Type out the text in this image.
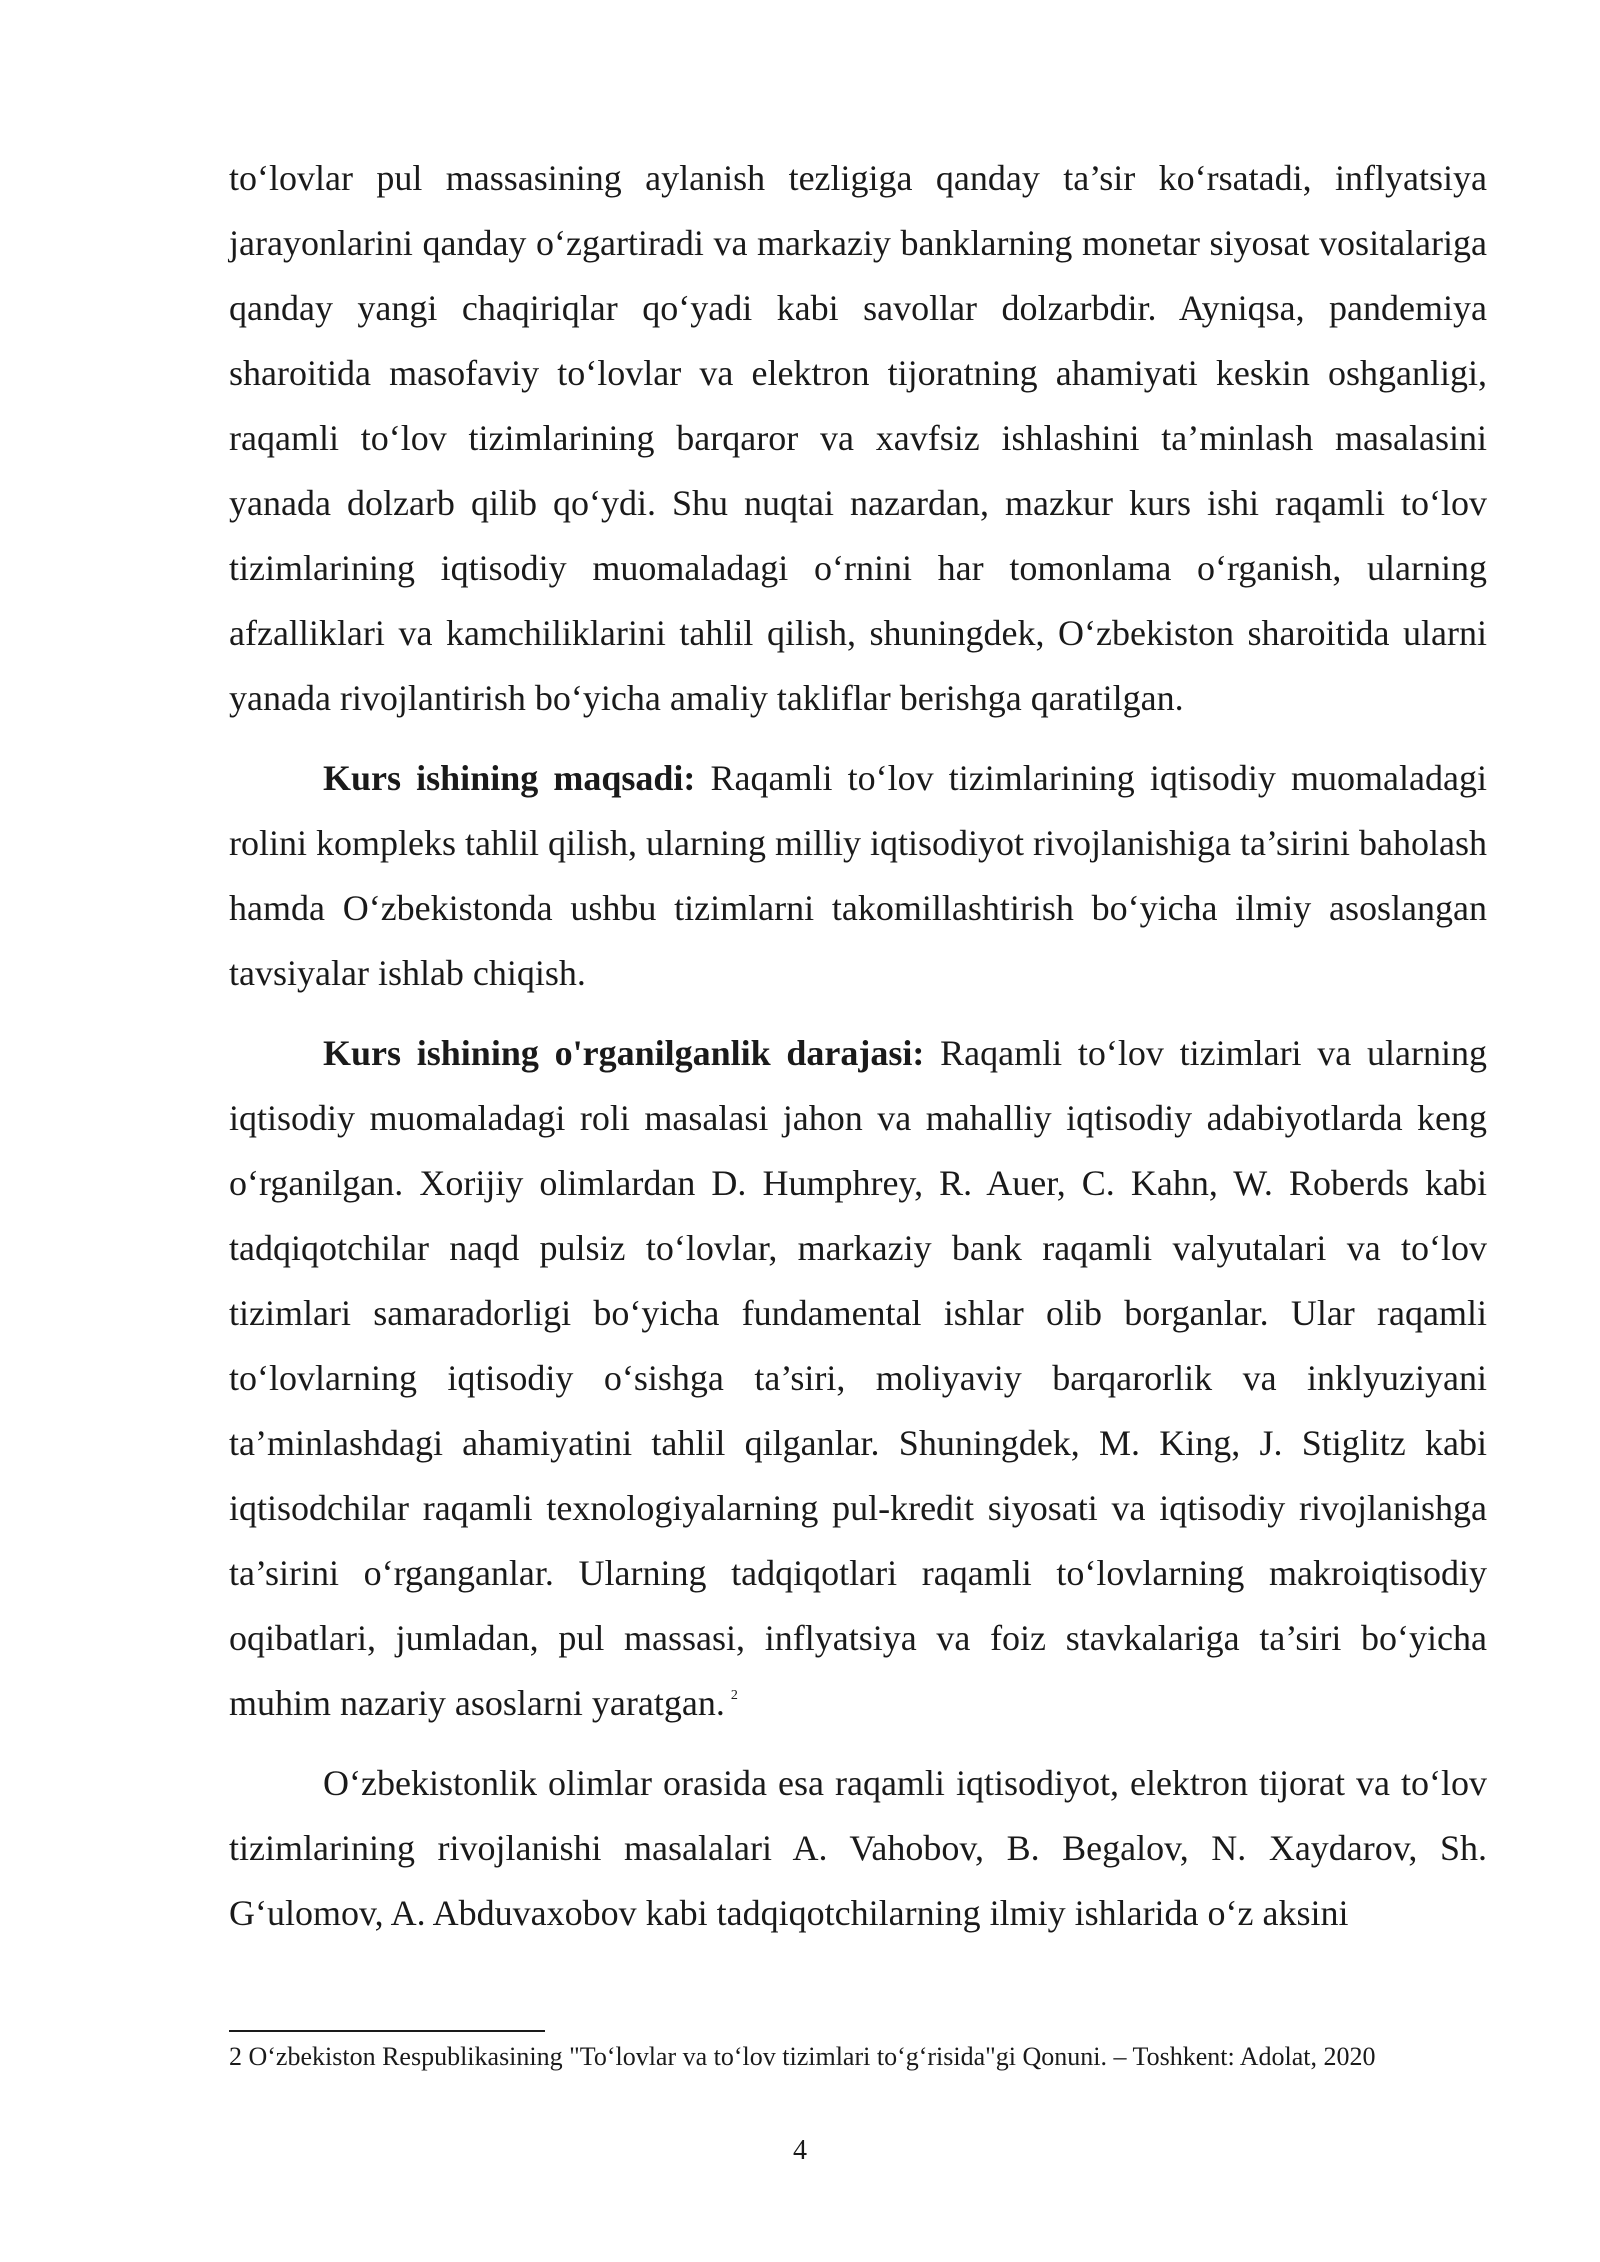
to‘lovlar pul massasining aylanish tezligiga qanday ta’sir ko‘rsatadi, inflyatsiya jarayonlarini qanday o‘zgartiradi va markaziy banklarning monetar siyosat vositalariga qanday yangi chaqiriqlar qo‘yadi kabi savollar dolzarbdir. Ayniqsa, pandemiya sharoitida masofaviy to‘lovlar va elektron tijoratning ahamiyati keskin oshganligi, raqamli to‘lov tizimlarining barqaror va xavfsiz ishlashini ta’minlash masalasini yanada dolzarb qilib qo‘ydi. Shu nuqtai nazardan, mazkur kurs ishi raqamli to‘lov tizimlarining iqtisodiy muomaladagi o‘rnini har tomonlama o‘rganish, ularning afzalliklari va kamchiliklarini tahlil qilish, shuningdek, O‘zbekiston sharoitida ularni yanada rivojlantirish bo‘yicha amaliy takliflar berishga qaratilgan.

Kurs ishining maqsadi: Raqamli to‘lov tizimlarining iqtisodiy muomaladagi rolini kompleks tahlil qilish, ularning milliy iqtisodiyot rivojlanishiga ta’sirini baholash hamda O‘zbekistonda ushbu tizimlarni takomillashtirish bo‘yicha ilmiy asoslangan tavsiyalar ishlab chiqish.

Kurs ishining o'rganilganlik darajasi: Raqamli to‘lov tizimlari va ularning iqtisodiy muomaladagi roli masalasi jahon va mahalliy iqtisodiy adabiyotlarda keng o‘rganilgan. Xorijiy olimlardan D. Humphrey, R. Auer, C. Kahn, W. Roberds kabi tadqiqotchilar naqd pulsiz to‘lovlar, markaziy bank raqamli valyutalari va to‘lov tizimlari samaradorligi bo‘yicha fundamental ishlar olib borganlar. Ular raqamli to‘lovlarning iqtisodiy o‘sishga ta’siri, moliyaviy barqarorlik va inklyuziyani ta’minlashdagi ahamiyatini tahlil qilganlar. Shuningdek, M. King, J. Stiglitz kabi iqtisodchilar raqamli texnologiyalarning pul-kredit siyosati va iqtisodiy rivojlanishga ta’sirini o‘rganganlar. Ularning tadqiqotlari raqamli to‘lovlarning makroiqtisodiy oqibatlari, jumladan, pul massasi, inflyatsiya va foiz stavkalariga ta’siri bo‘yicha muhim nazariy asoslarni yaratgan. $^2$

O‘zbekistonlik olimlar orasida esa raqamli iqtisodiyot, elektron tijorat va to‘lov tizimlarining rivojlanishi masalalari A. Vahobov, B. Begalov, N. Xaydarov, Sh. G‘ulomov, A. Abduvaxobov kabi tadqiqotchilarning ilmiy ishlarida o‘z aksini

2 O‘zbekiston Respublikasining "To‘lovlar va to‘lov tizimlari to‘g‘risida"gi Qonuni. – Toshkent: Adolat, 2020

4
